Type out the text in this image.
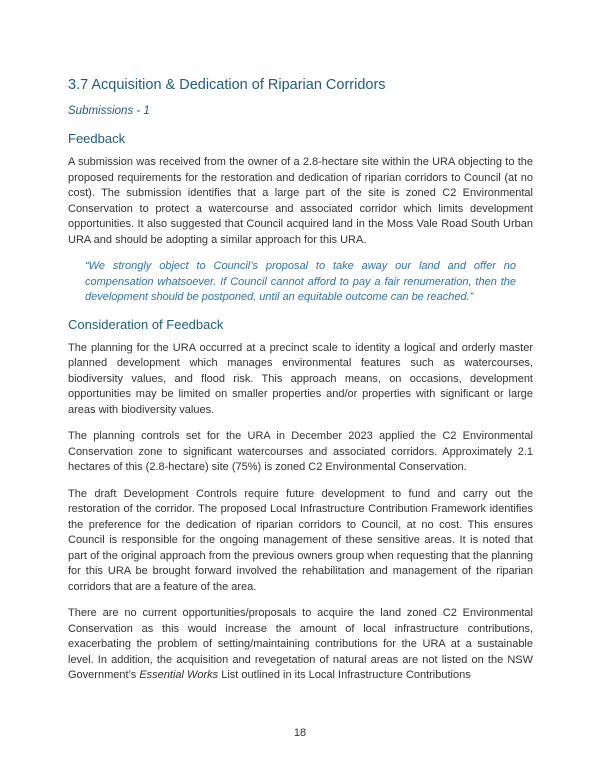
3.7 Acquisition & Dedication of Riparian Corridors

Submissions - 1

Feedback

A submission was received from the owner of a 2.8-hectare site within the URA objecting to the proposed requirements for the restoration and dedication of riparian corridors to Council (at no cost). The submission identifies that a large part of the site is zoned C2 Environmental Conservation to protect a watercourse and associated corridor which limits development opportunities. It also suggested that Council acquired land in the Moss Vale Road South Urban URA and should be adopting a similar approach for this URA.

“We strongly object to Council’s proposal to take away our land and offer no compensation whatsoever. If Council cannot afford to pay a fair renumeration, then the development should be postponed, until an equitable outcome can be reached.”

Consideration of Feedback

The planning for the URA occurred at a precinct scale to identity a logical and orderly master planned development which manages environmental features such as watercourses, biodiversity values, and flood risk. This approach means, on occasions, development opportunities may be limited on smaller properties and/or properties with significant or large areas with biodiversity values.

The planning controls set for the URA in December 2023 applied the C2 Environmental Conservation zone to significant watercourses and associated corridors. Approximately 2.1 hectares of this (2.8-hectare) site (75%) is zoned C2 Environmental Conservation.

The draft Development Controls require future development to fund and carry out the restoration of the corridor. The proposed Local Infrastructure Contribution Framework identifies the preference for the dedication of riparian corridors to Council, at no cost. This ensures Council is responsible for the ongoing management of these sensitive areas. It is noted that part of the original approach from the previous owners group when requesting that the planning for this URA be brought forward involved the rehabilitation and management of the riparian corridors that are a feature of the area.

There are no current opportunities/proposals to acquire the land zoned C2 Environmental Conservation as this would increase the amount of local infrastructure contributions, exacerbating the problem of setting/maintaining contributions for the URA at a sustainable level. In addition, the acquisition and revegetation of natural areas are not listed on the NSW Government’s Essential Works List outlined in its Local Infrastructure Contributions

18
